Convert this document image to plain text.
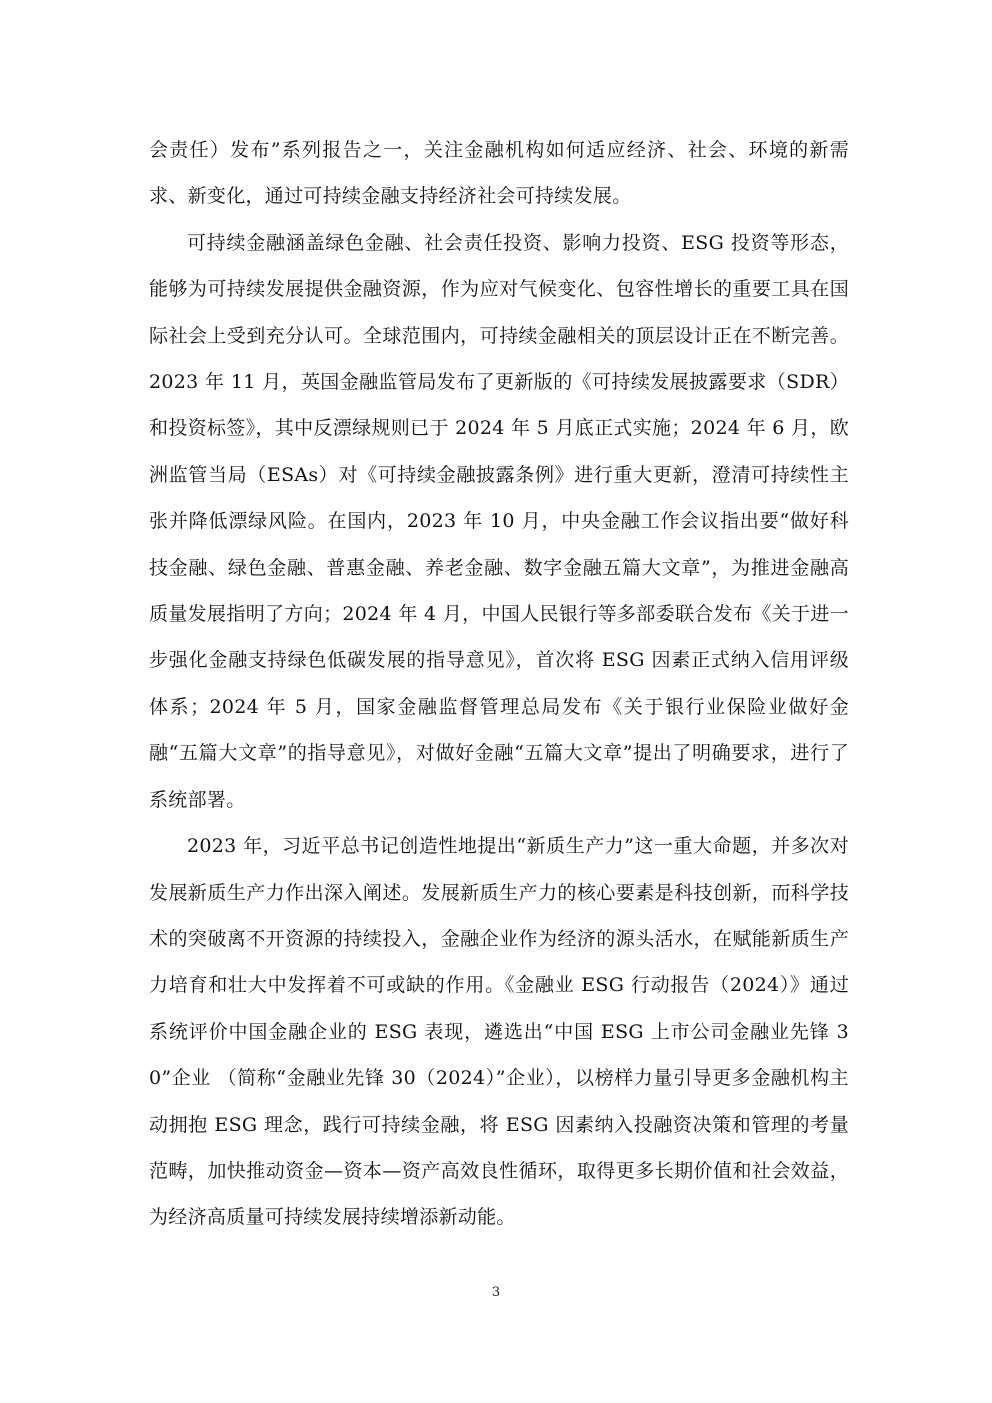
会责任）发布”系列报告之一，关注金融机构如何适应经济、社会、环境的新需求、新变化，通过可持续金融支持经济社会可持续发展。

可持续金融涵盖绿色金融、社会责任投资、影响力投资、ESG 投资等形态，能够为可持续发展提供金融资源，作为应对气候变化、包容性增长的重要工具在国际社会上受到充分认可。全球范围内，可持续金融相关的顶层设计正在不断完善。2023 年 11 月，英国金融监管局发布了更新版的《可持续发展披露要求（SDR）和投资标签》，其中反漂绿规则已于 2024 年 5 月底正式实施；2024 年 6 月，欧洲监管当局（ESAs）对《可持续金融披露条例》进行重大更新，澄清可持续性主张并降低漂绿风险。在国内，2023 年 10 月，中央金融工作会议指出要“做好科技金融、绿色金融、普惠金融、养老金融、数字金融五篇大文章”，为推进金融高质量发展指明了方向；2024 年 4 月，中国人民银行等多部委联合发布《关于进一步强化金融支持绿色低碳发展的指导意见》，首次将 ESG 因素正式纳入信用评级体系；2024 年 5 月，国家金融监督管理总局发布《关于银行业保险业做好金融“五篇大文章”的指导意见》，对做好金融“五篇大文章”提出了明确要求，进行了系统部署。

2023 年，习近平总书记创造性地提出“新质生产力”这一重大命题，并多次对发展新质生产力作出深入阐述。发展新质生产力的核心要素是科技创新，而科学技术的突破离不开资源的持续投入，金融企业作为经济的源头活水，在赋能新质生产力培育和壮大中发挥着不可或缺的作用。《金融业 ESG 行动报告（2024）》通过系统评价中国金融企业的 ESG 表现，遴选出“中国 ESG 上市公司金融业先锋 30”企业 （简称“金融业先锋 30（2024）”企业），以榜样力量引导更多金融机构主动拥抱 ESG 理念，践行可持续金融，将 ESG 因素纳入投融资决策和管理的考量范畴，加快推动资金—资本—资产高效良性循环，取得更多长期价值和社会效益，为经济高质量可持续发展持续增添新动能。

3
